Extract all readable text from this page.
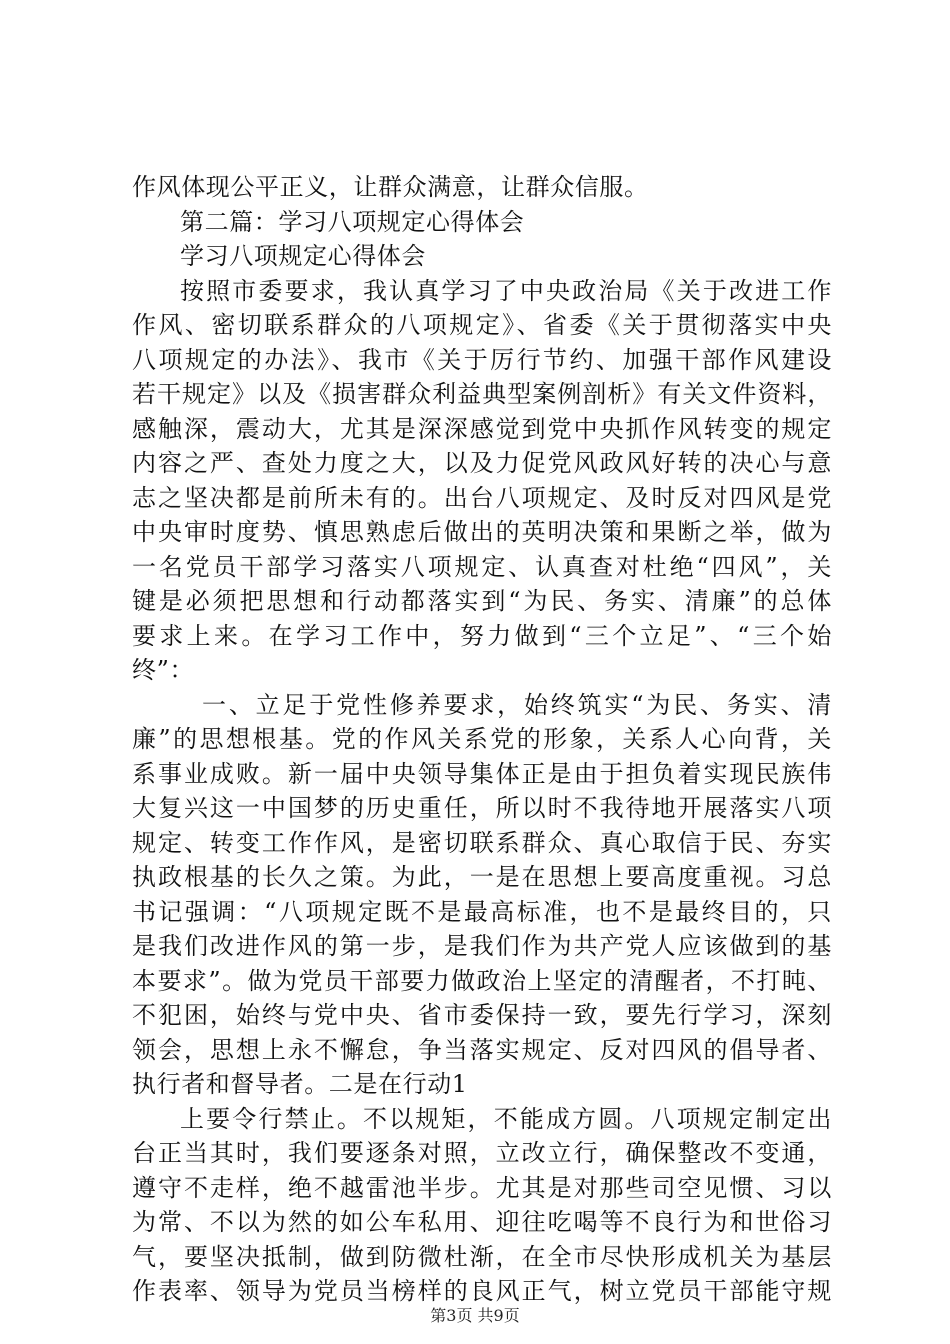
作风体现公平正义，让群众满意，让群众信服。
第二篇：学习八项规定心得体会
学习八项规定心得体会
按照市委要求，我认真学习了中央政治局《关于改进工作
作风、密切联系群众的八项规定》、省委《关于贯彻落实中央
八项规定的办法》、我市《关于厉行节约、加强干部作风建设
若干规定》以及《损害群众利益典型案例剖析》有关文件资料，
感触深，震动大，尤其是深深感觉到党中央抓作风转变的规定
内容之严、查处力度之大，以及力促党风政风好转的决心与意
志之坚决都是前所未有的。出台八项规定、及时反对四风是党
中央审时度势、慎思熟虑后做出的英明决策和果断之举，做为
一名党员干部学习落实八项规定、认真查对杜绝“四风”，关
键是必须把思想和行动都落实到“为民、务实、清廉”的总体
要求上来。在学习工作中，努力做到“三个立足”、“三个始
终”：
一、立足于党性修养要求，始终筑实“为民、务实、清
廉”的思想根基。党的作风关系党的形象，关系人心向背，关
系事业成败。新一届中央领导集体正是由于担负着实现民族伟
大复兴这一中国梦的历史重任，所以时不我待地开展落实八项
规定、转变工作作风，是密切联系群众、真心取信于民、夯实
执政根基的长久之策。为此，一是在思想上要高度重视。习总
书记强调：“八项规定既不是最高标准，也不是最终目的，只
是我们改进作风的第一步，是我们作为共产党人应该做到的基
本要求”。做为党员干部要力做政治上坚定的清醒者，不打盹、
不犯困，始终与党中央、省市委保持一致，要先行学习，深刻
领会，思想上永不懈怠，争当落实规定、反对四风的倡导者、
执行者和督导者。二是在行动1
上要令行禁止。不以规矩，不能成方圆。八项规定制定出
台正当其时，我们要逐条对照，立改立行，确保整改不变通，
遵守不走样，绝不越雷池半步。尤其是对那些司空见惯、习以
为常、不以为然的如公车私用、迎往吃喝等不良行为和世俗习
气，要坚决抵制，做到防微杜渐，在全市尽快形成机关为基层
作表率、领导为党员当榜样的良风正气，树立党员干部能守规
第3页 共9页
